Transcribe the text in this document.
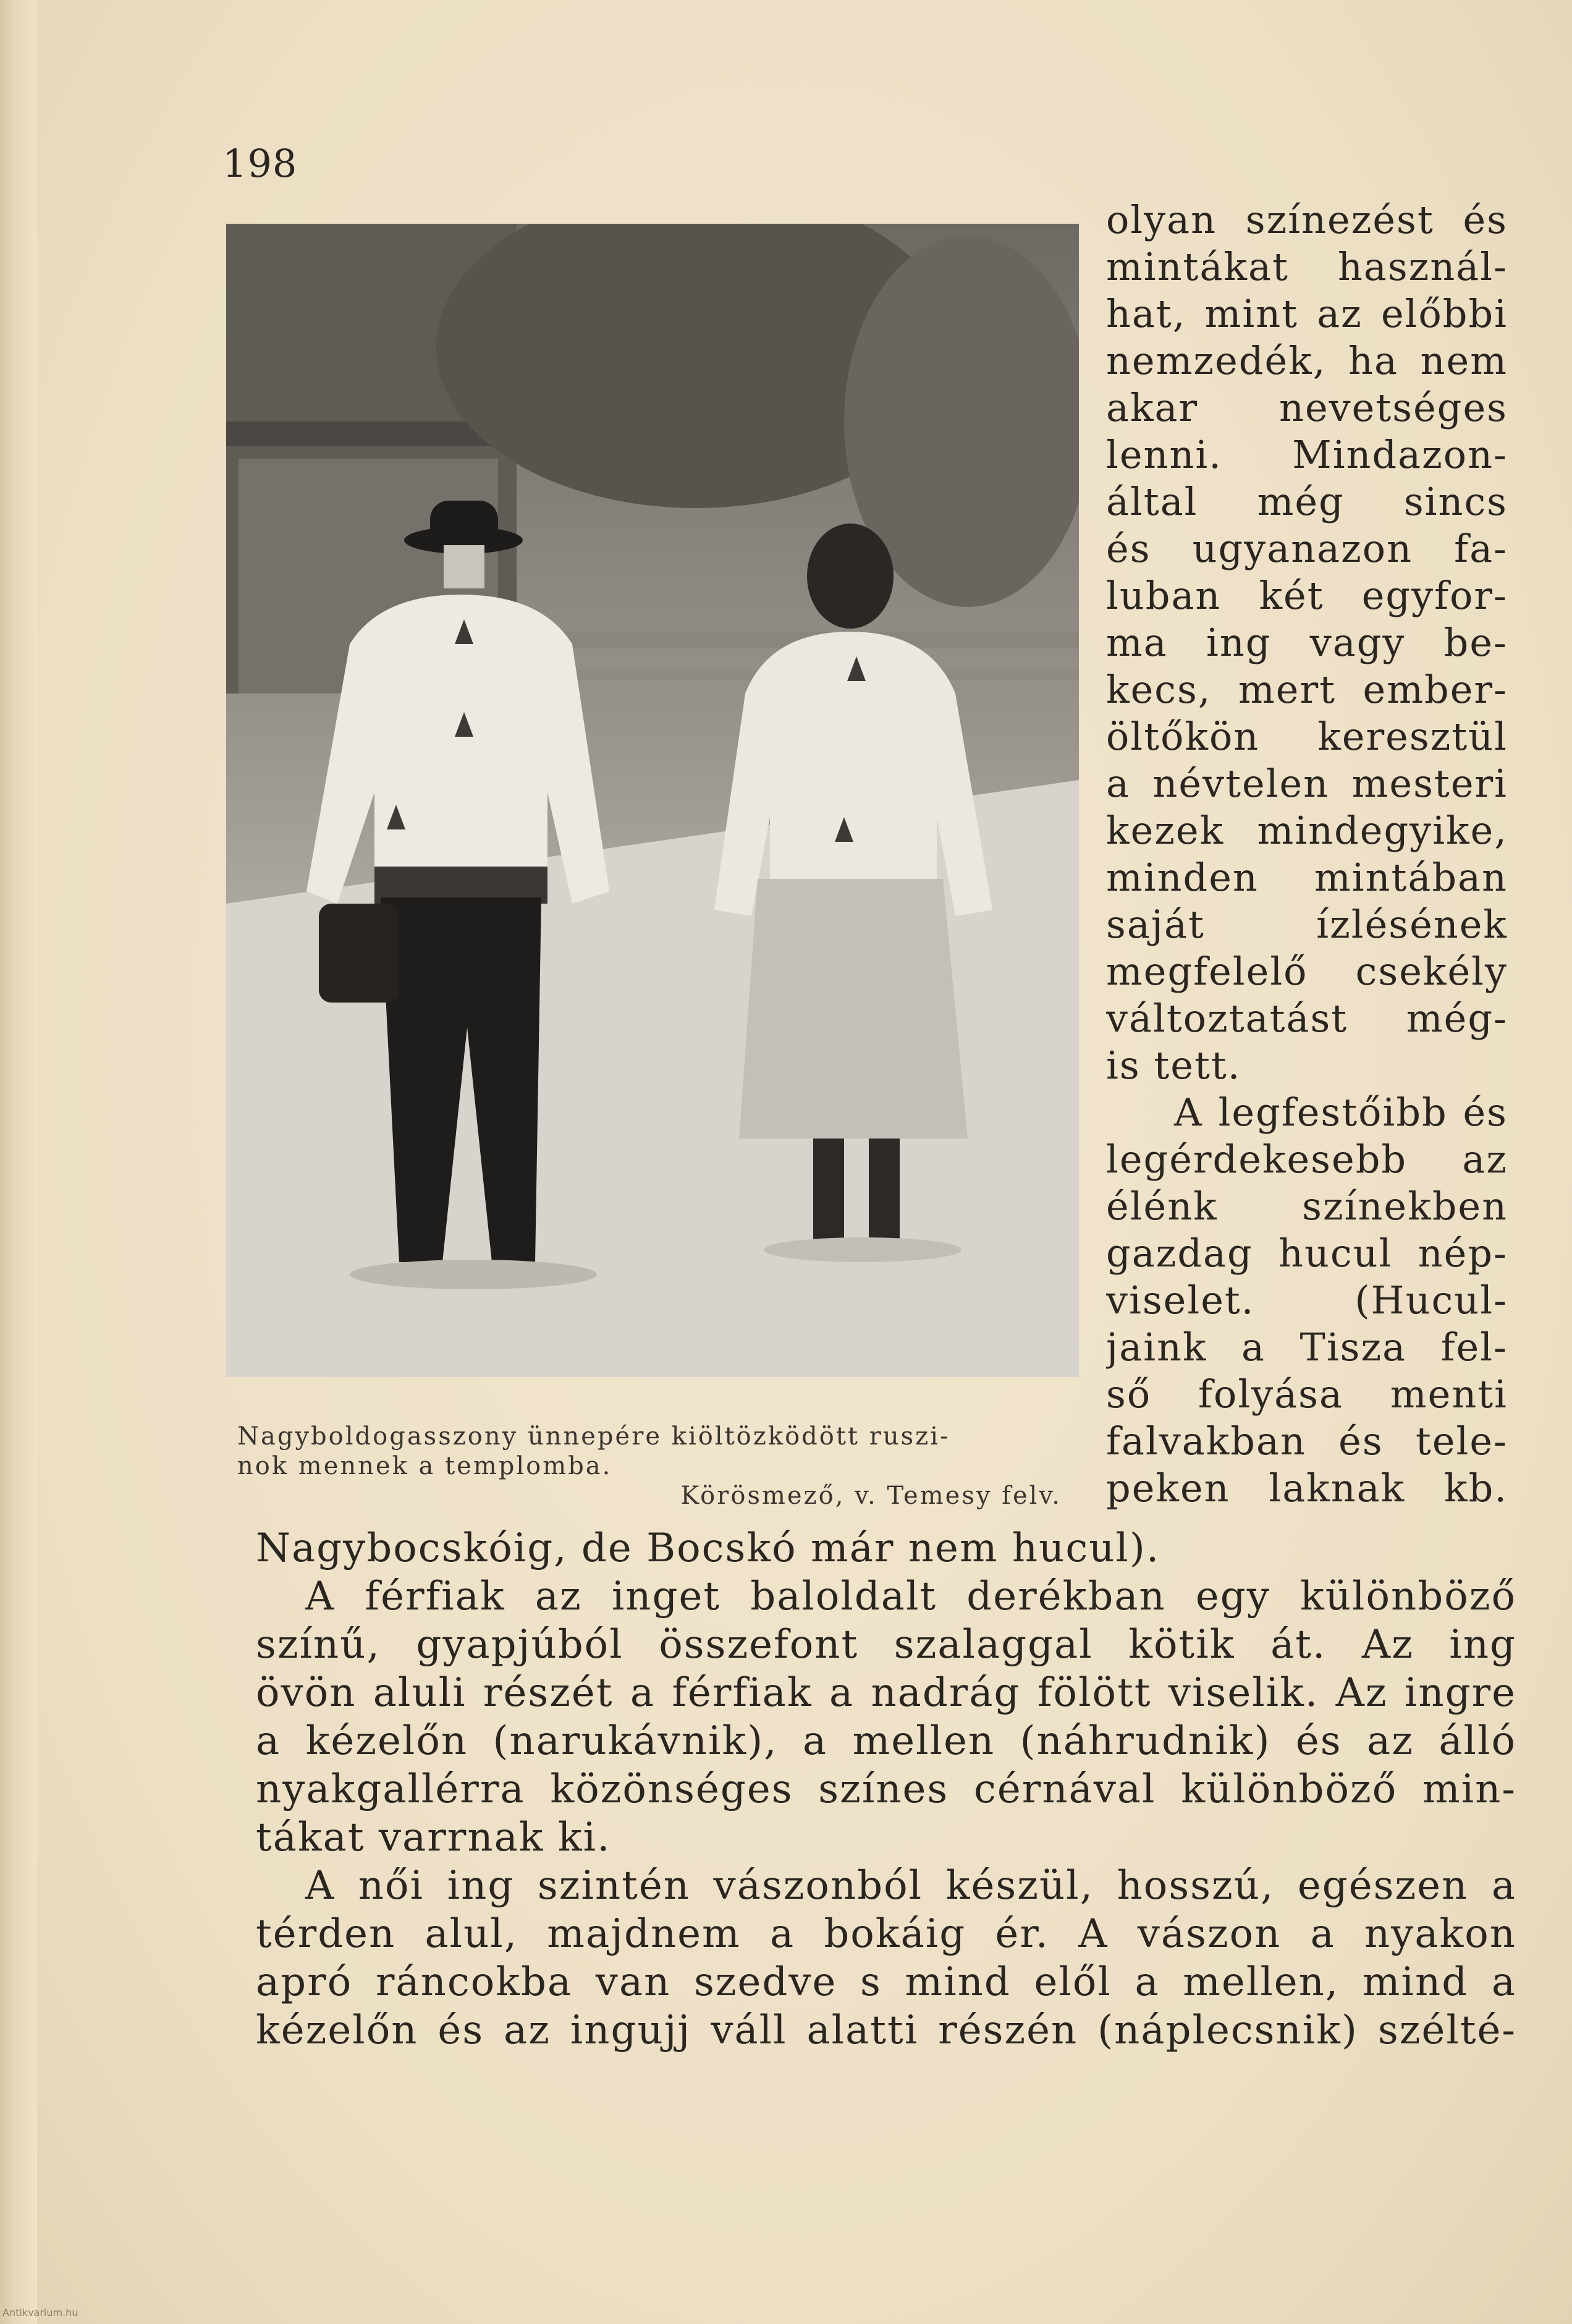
198
Nagyboldogasszony ünnepére kiöltözködött ruszi-
nok mennek a templomba.
Körösmező, v. Temesy felv.
olyan színezést és
mintákat használ-
hat, mint az előbbi
nemzedék, ha nem
akar nevetséges
lenni. Mindazon-
által még sincs
és ugyanazon fa-
luban két egyfor-
ma ing vagy be-
kecs, mert ember-
öltőkön keresztül
a névtelen mesteri
kezek mindegyike,
minden mintában
saját ízlésének
megfelelő csekély
változtatást még-
is tett.
A legfestőibb és
legérdekesebb az
élénk színekben
gazdag hucul nép-
viselet. (Hucul-
jaink a Tisza fel-
ső folyása menti
falvakban és tele-
peken laknak kb.
Nagybocskóig, de Bocskó már nem hucul).
A férfiak az inget baloldalt derékban egy különböző
színű, gyapjúból összefont szalaggal kötik át. Az ing
övön aluli részét a férfiak a nadrág fölött viselik. Az ingre
a kézelőn (narukávnik), a mellen (náhrudnik) és az álló
nyakgallérra közönséges színes cérnával különböző min-
tákat varrnak ki.
A női ing szintén vászonból készül, hosszú, egészen a
térden alul, majdnem a bokáig ér. A vászon a nyakon
apró ráncokba van szedve s mind elől a mellen, mind a
kézelőn és az ingujj váll alatti részén (náplecsnik) szélté-
Antikvarium.hu
